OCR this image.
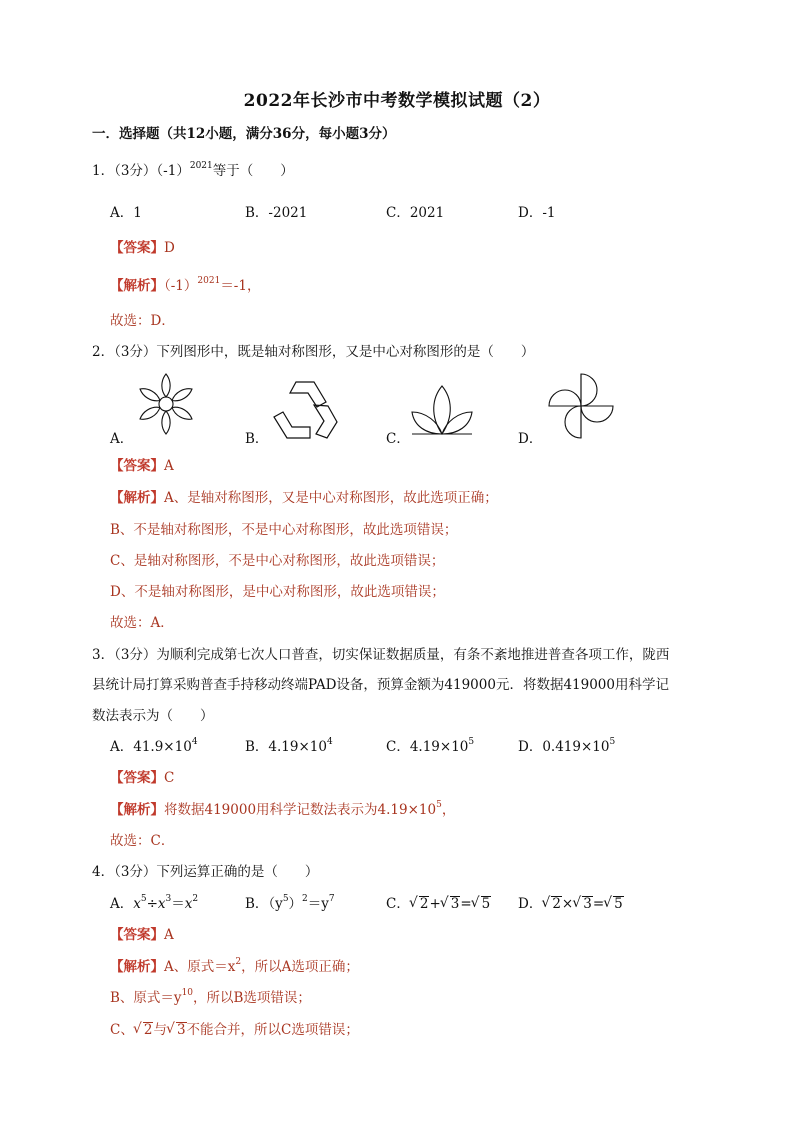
2022年长沙市中考数学模拟试题（2）
一．选择题（共12小题，满分36分，每小题3分）
1．（3分）$(-1)^{2021}$等于（　　）
A．1	B．-2021	C．2021	D．-1
【答案】D
【解析】$(-1)^{2021}=-1$，
故选：D．
2．（3分）下列图形中，既是轴对称图形，又是中心对称图形的是（　　）
A．	B．	C．	D．
【答案】A
【解析】A、是轴对称图形，又是中心对称图形，故此选项正确；
B、不是轴对称图形，不是中心对称图形，故此选项错误；
C、是轴对称图形，不是中心对称图形，故此选项错误；
D、不是轴对称图形，是中心对称图形，故此选项错误；
故选：A．
3．（3分）为顺利完成第七次人口普查，切实保证数据质量，有条不紊地推进普查各项工作，陇西
县统计局打算采购普查手持移动终端PAD设备，预算金额为419000元．将数据419000用科学记
数法表示为（　　）
A．$41.9\times 10^4$	B．$4.19\times 10^4$	C．$4.19\times 10^5$	D．$0.419\times 10^5$
【答案】C
【解析】将数据419000用科学记数法表示为$4.19\times 10^5$，
故选：C．
4．（3分）下列运算正确的是（　　）
A．$x^5\div x^3=x^2$	B．$(y^5)^2=y^7$	C． √ 2+ √ 3= √ 5 D． √ 2× √ 3= √ 5
【答案】A
【解析】A、原式$=x^2$，所以A选项正确；
B、原式$=y^{10}$，所以B选项错误；
C、 √ 2与 √ 3不能合并，所以C选项错误；
